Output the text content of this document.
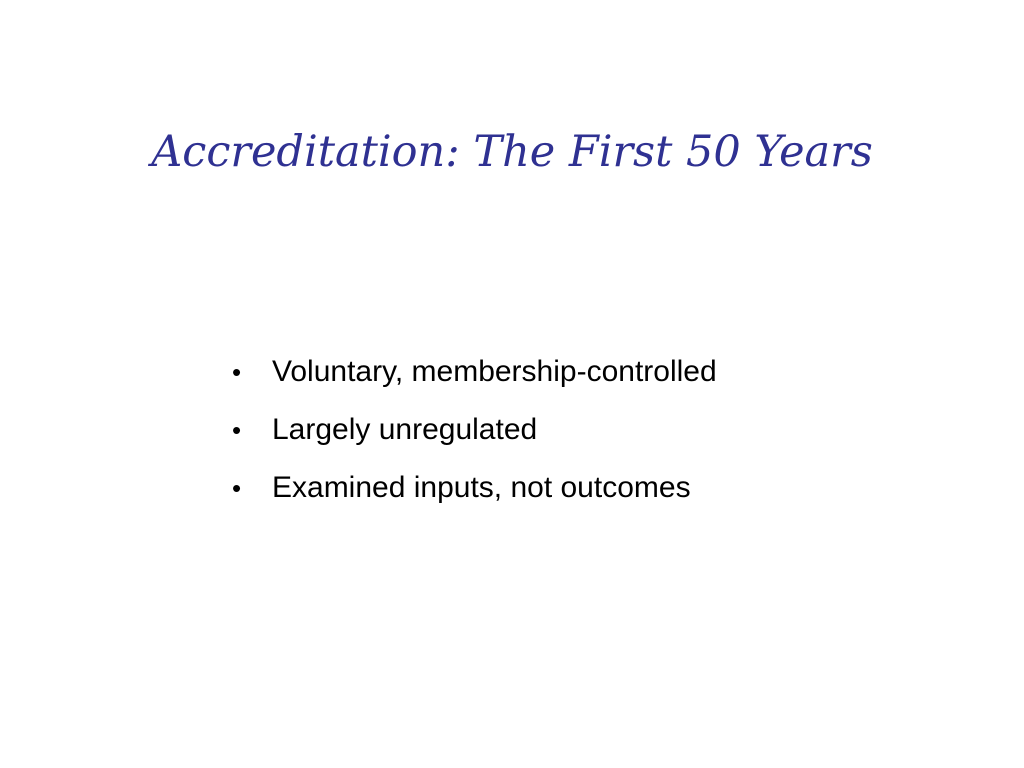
Accreditation: The First 50 Years
•	Voluntary, membership-controlled
•	Largely unregulated
•	Examined inputs, not outcomes
